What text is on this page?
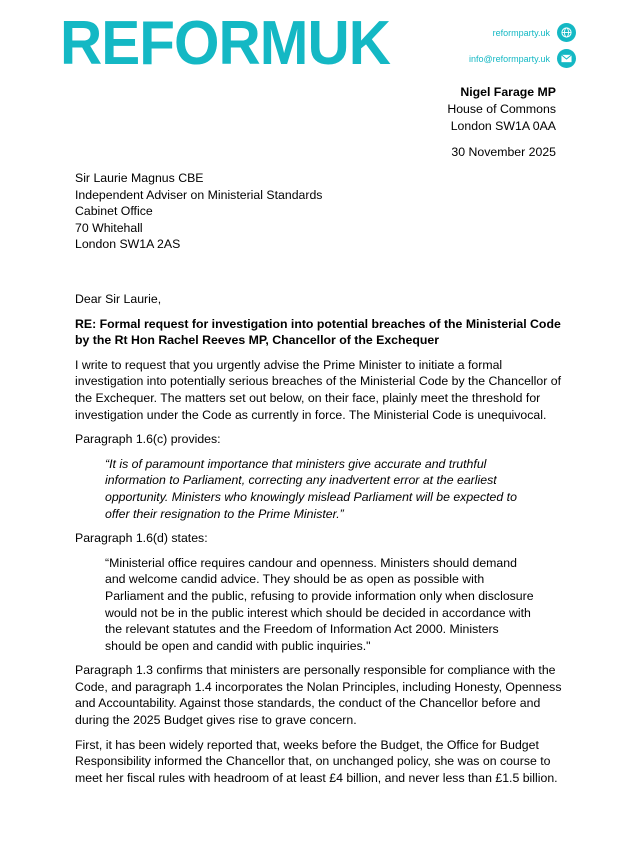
REFORMUK	reformparty.uk
info@reformparty.uk
Nigel Farage MP
House of Commons
London SW1A 0AA
30 November 2025
Sir Laurie Magnus CBE
Independent Adviser on Ministerial Standards
Cabinet Office
70 Whitehall
London SW1A 2AS

Dear Sir Laurie,

RE: Formal request for investigation into potential breaches of the Ministerial Code by the Rt Hon Rachel Reeves MP, Chancellor of the Exchequer

I write to request that you urgently advise the Prime Minister to initiate a formal investigation into potentially serious breaches of the Ministerial Code by the Chancellor of the Exchequer. The matters set out below, on their face, plainly meet the threshold for investigation under the Code as currently in force. The Ministerial Code is unequivocal.

Paragraph 1.6(c) provides:

“It is of paramount importance that ministers give accurate and truthful information to Parliament, correcting any inadvertent error at the earliest opportunity. Ministers who knowingly mislead Parliament will be expected to offer their resignation to the Prime Minister.”

Paragraph 1.6(d) states:

“Ministerial office requires candour and openness. Ministers should demand and welcome candid advice. They should be as open as possible with Parliament and the public, refusing to provide information only when disclosure would not be in the public interest which should be decided in accordance with the relevant statutes and the Freedom of Information Act 2000. Ministers should be open and candid with public inquiries."

Paragraph 1.3 confirms that ministers are personally responsible for compliance with the Code, and paragraph 1.4 incorporates the Nolan Principles, including Honesty, Openness and Accountability. Against those standards, the conduct of the Chancellor before and during the 2025 Budget gives rise to grave concern.

First, it has been widely reported that, weeks before the Budget, the Office for Budget Responsibility informed the Chancellor that, on unchanged policy, she was on course to meet her fiscal rules with headroom of at least £4 billion, and never less than £1.5 billion.
